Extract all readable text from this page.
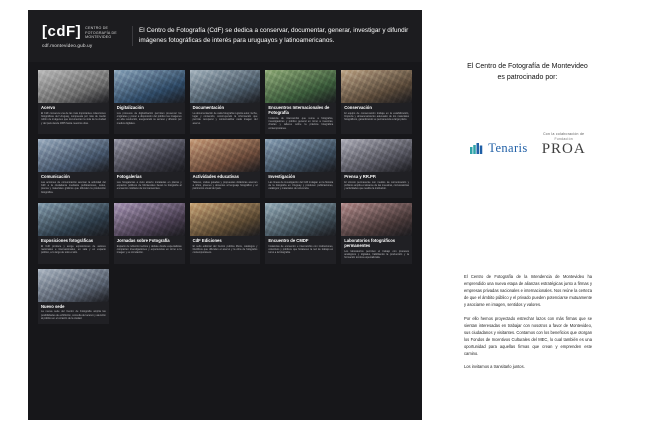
[cdF] CENTRO DE FOTOGRAFÍA DE MONTEVIDEO
cdf.montevideo.gub.uy
El Centro de Fotografía (CdF) se dedica a conservar, documentar, generar, investigar y difundir imágenes fotográficas de interés para uruguayos y latinoamericanos.
Acervo
El CdF conserva una de las más importantes colecciones fotográficas del Uruguay, compuesta por más de medio millón de imágenes que documentan la vida de la ciudad y del país desde 1865 hasta nuestros días.
Digitalización
Los procesos de digitalización permiten preservar los originales y poner a disposición del público las imágenes en alta resolución, asegurando su acceso y difusión por medios digitales.
Documentación
La documentación de cada fotografía registra autor, fecha, lugar y contenido, construyendo la información que permite recuperar y contextualizar cada imagen del acervo.
Encuentros Internacionales de Fotografía
Instancia de intercambio que reúne a fotógrafos, investigadores y público general en torno a muestras, charlas y talleres sobre la práctica fotográfica contemporánea.
Conservación
El equipo de conservación trabaja en la estabilización, limpieza y almacenamiento adecuado de los materiales fotográficos, garantizando su permanencia a largo plazo.
Comunicación
Las acciones de comunicación acercan la actividad del CdF a la ciudadanía mediante publicaciones, redes, prensa y materiales gráficos que difunden la producción fotográfica.
Fotogalerías
Las fotogalerías a cielo abierto instaladas en plazas y espacios públicos de Montevideo llevan la fotografía al encuentro cotidiano de los transeúntes.
Actividades educativas
Talleres, visitas guiadas y propuestas didácticas acercan a niños, jóvenes y docentes al lenguaje fotográfico y al patrimonio visual del país.
Investigación
Las líneas de investigación del CdF indagan en la historia de la fotografía en Uruguay y producen publicaciones, catálogos y materiales de referencia.
Prensa y RR.PP.
El vínculo permanente con medios de comunicación y públicos amplía el alcance de las muestras, convocatorias y actividades que realiza la institución.
Exposiciones fotográficas
El CdF produce y acoge exposiciones de autores nacionales e internacionales, en sala y en espacio público, a lo largo de todo el año.
Jornadas sobre Fotografía
Espacio de reflexión teórica y debate donde especialistas comparten investigaciones y experiencias en torno a la imagen y su circulación.
CdF Ediciones
El sello editorial del Centro publica libros, catálogos y fotolibros que difunden el acervo y la obra de fotógrafos contemporáneos.
Encuentro de CMDF
Instancias de encuentro e intercambio con instituciones, colectivos y públicos que fortalecen la red de trabajo en torno a la fotografía.
Laboratorios fotográficos permanentes
Los laboratorios permiten el trabajo con procesos analógicos y digitales, habilitando la producción y la formación técnica especializada.
Nuevo sede
La nueva sede del Centro de Fotografía amplía las posibilidades de exhibición, consulta del acervo y atención al público en el corazón de la ciudad.
El Centro de Fotografía de Montevideo
es patrocinado por:
Tenaris
Con la colaboración de
Fundación
PROA

El Centro de Fotografía de la Intendencia de Montevideo ha emprendido una nueva etapa de alianzas estratégicas junto a firmas y empresas privadas nacionales e internacionales. Nos reúne la certeza de que el ámbito público y el privado pueden potenciarse mutuamente y asociarse en imagen, sentidos y valores.

Por ello hemos proyectado estrechar lazos con más firmas que se sientan interesadas en trabajar con nosotros a favor de Montevideo, sus ciudadanos y visitantes. Contamos con los beneficios que otorgan los Fondos de Incentivos Culturales del MEC, lo cual también es una oportunidad para aquellas firmas que crean y emprenden este camino.

Los invitamos a transitarlo juntos.
